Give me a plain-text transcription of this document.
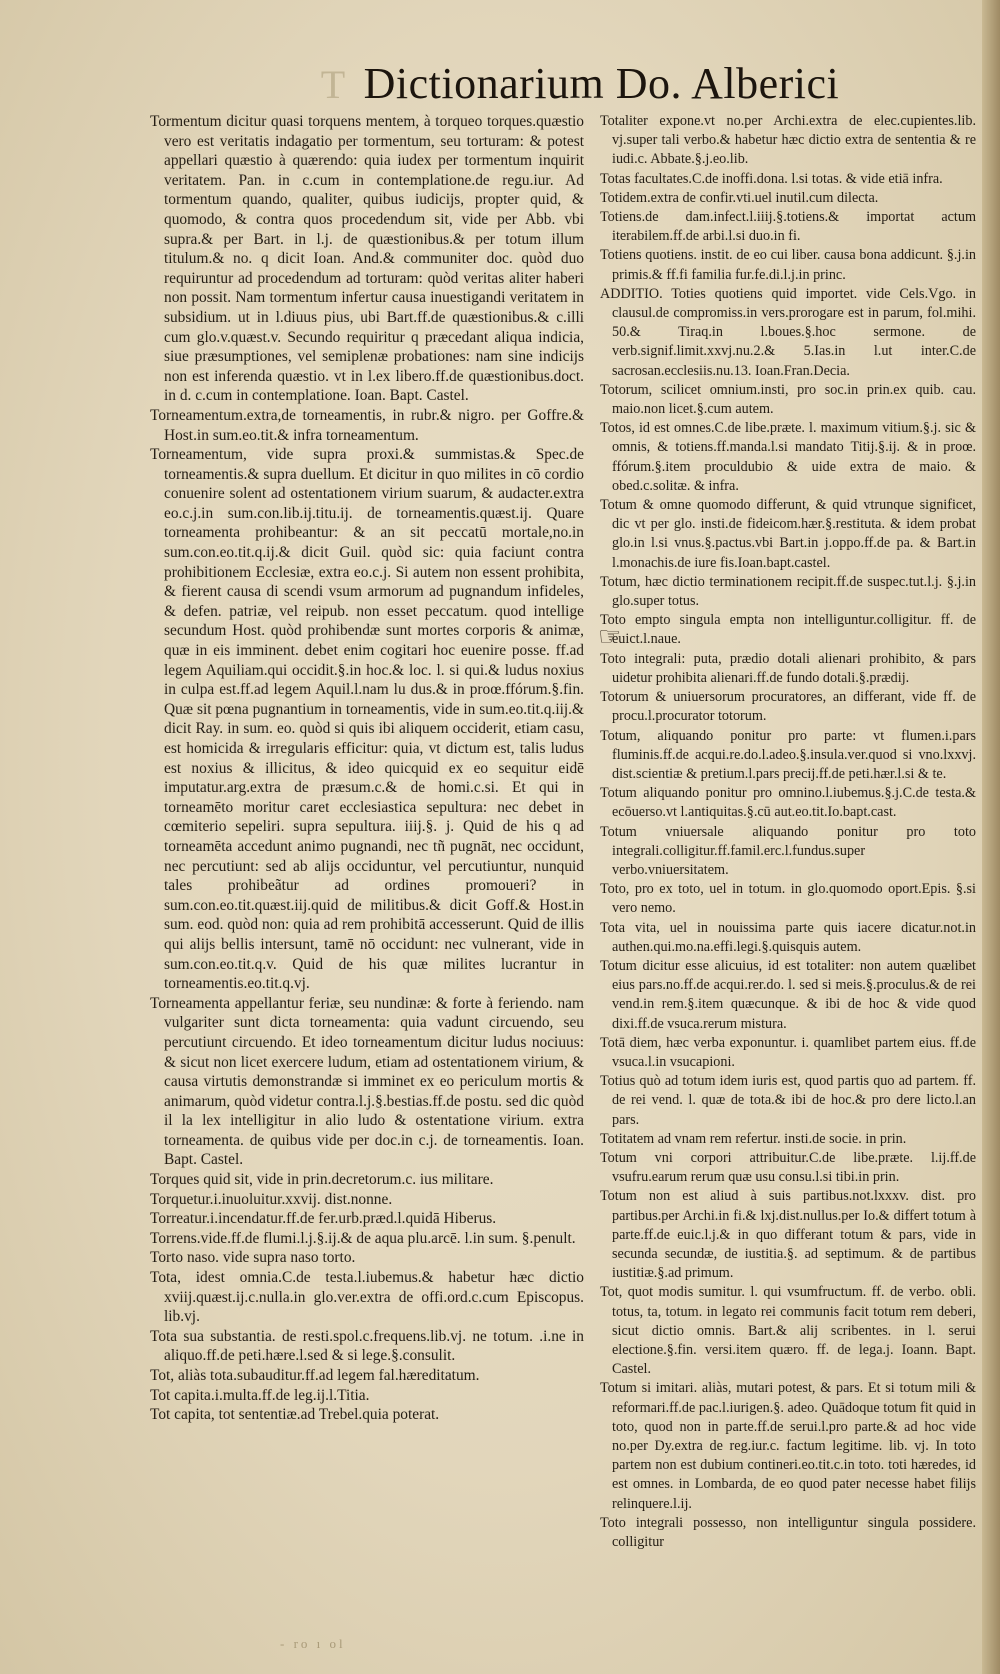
T Dictionarium Do. Alberici

Tormentum dicitur quasi torquens mentem, à torqueo torques.quæstio vero est veritatis indagatio per tormentum, seu torturam: & potest appellari quæstio à quærendo: quia iudex per tormentum inquirit veritatem. Pan. in c.cum in contemplatione.de regu.iur. Ad tormentum quando, qualiter, quibus iudicijs, propter quid, & quomodo, & contra quos procedendum sit, vide per Abb. vbi supra.& per Bart. in l.j. de quæstionibus.& per totum illum titulum.& no. q dicit Ioan. And.& communiter doc. quòd duo requiruntur ad procedendum ad torturam: quòd veritas aliter haberi non possit. Nam tormentum infertur causa inuestigandi veritatem in subsidium. ut in l.diuus pius, ubi Bart.ff.de quæstionibus.& c.illi cum glo.v.quæst.v. Secundo requiritur q præcedant aliqua indicia, siue præsumptiones, vel semiplenæ probationes: nam sine indicijs non est inferenda quæstio. vt in l.ex libero.ff.de quæstionibus.doct. in d. c.cum in contemplatione. Ioan. Bapt. Castel.

Torneamentum.extra,de torneamentis, in rubr.& nigro. per Goffre.& Host.in sum.eo.tit.& infra torneamentum.

Torneamentum, vide supra proxi.& summistas.& Spec.de torneamentis.& supra duellum. Et dicitur in quo milites in cō cordio conuenire solent ad ostentationem virium suarum, & audacter.extra eo.c.j.in sum.con.lib.ij.titu.ij. de torneamentis.quæst.ij. Quare torneamenta prohibeantur: & an sit peccatū mortale,no.in sum.con.eo.tit.q.ij.& dicit Guil. quòd sic: quia faciunt contra prohibitionem Ecclesiæ, extra eo.c.j. Si autem non essent prohibita, & fierent causa di scendi vsum armorum ad pugnandum infideles, & defen. patriæ, vel reipub. non esset peccatum. quod intellige secundum Host. quòd prohibendæ sunt mortes corporis & animæ, quæ in eis imminent. debet enim cogitari hoc euenire posse. ff.ad legem Aquiliam.qui occidit.§.in hoc.& loc. l. si qui.& ludus noxius in culpa est.ff.ad legem Aquil.l.nam lu dus.& in proœ.ffórum.§.fin. Quæ sit pœna pugnantium in torneamentis, vide in sum.eo.tit.q.iij.& dicit Ray. in sum. eo. quòd si quis ibi aliquem occiderit, etiam casu, est homicida & irregularis efficitur: quia, vt dictum est, talis ludus est noxius & illicitus, & ideo quicquid ex eo sequitur eidē imputatur.arg.extra de præsum.c.& de homi.c.si. Et qui in torneamēto moritur caret ecclesiastica sepultura: nec debet in cœmiterio sepeliri. supra sepultura. iiij.§. j. Quid de his q ad torneamēta accedunt animo pugnandi, nec tñ pugnāt, nec occidunt, nec percutiunt: sed ab alijs occiduntur, vel percutiuntur, nunquid tales prohibeãtur ad ordines promoueri? in sum.con.eo.tit.quæst.iij.quid de militibus.& dicit Goff.& Host.in sum. eod. quòd non: quia ad rem prohibitā accesserunt. Quid de illis qui alijs bellis intersunt, tamē nō occidunt: nec vulnerant, vide in sum.con.eo.tit.q.v. Quid de his quæ milites lucrantur in torneamentis.eo.tit.q.vj.

Torneamenta appellantur feriæ, seu nundinæ: & forte à feriendo. nam vulgariter sunt dicta torneamenta: quia vadunt circuendo, seu percutiunt circuendo. Et ideo torneamentum dicitur ludus nociuus: & sicut non licet exercere ludum, etiam ad ostentationem virium, & causa virtutis demonstrandæ si imminet ex eo periculum mortis & animarum, quòd videtur contra.l.j.§.bestias.ff.de postu. sed dic quòd il la lex intelligitur in alio ludo & ostentatione virium. extra torneamenta. de quibus vide per doc.in c.j. de torneamentis. Ioan. Bapt. Castel.

Torques quid sit, vide in prin.decretorum.c. ius militare.

Torquetur.i.inuoluitur.xxvij. dist.nonne.

Torreatur.i.incendatur.ff.de fer.urb.præd.l.quidā Hiberus.

Torrens.vide.ff.de flumi.l.j.§.ij.& de aqua plu.arcē. l.in sum. §.penult.

Torto naso. vide supra naso torto.

Tota, idest omnia.C.de testa.l.iubemus.& habetur hæc dictio xviij.quæst.ij.c.nulla.in glo.ver.extra de offi.ord.c.cum Episcopus. lib.vj.

Tota sua substantia. de resti.spol.c.frequens.lib.vj. ne totum. .i.ne in aliquo.ff.de peti.hære.l.sed & si lege.§.consulit.

Tot, aliàs tota.subauditur.ff.ad legem fal.hæreditatum.

Tot capita.i.multa.ff.de leg.ij.l.Titia.

Tot capita, tot sententiæ.ad Trebel.quia poterat.

☞

Totaliter expone.vt no.per Archi.extra de elec.cupientes.lib. vj.super tali verbo.& habetur hæc dictio extra de sententia & re iudi.c. Abbate.§.j.eo.lib.

Totas facultates.C.de inoffi.dona. l.si totas. & vide etiā infra.

Totidem.extra de confir.vti.uel inutil.cum dilecta.

Totiens.de dam.infect.l.iiij.§.totiens.& importat actum iterabilem.ff.de arbi.l.si duo.in fi.

Totiens quotiens. instit. de eo cui liber. causa bona addicunt. §.j.in primis.& ff.fi familia fur.fe.di.l.j.in princ.

ADDITIO. Toties quotiens quid importet. vide Cels.Vgo. in clausul.de compromiss.in vers.prorogare est in parum, fol.mihi. 50.& Tiraq.in l.boues.§.hoc sermone. de verb.signif.limit.xxvj.nu.2.& 5.Ias.in l.ut inter.C.de sacrosan.ecclesiis.nu.13. Ioan.Fran.Decia.

Totorum, scilicet omnium.insti, pro soc.in prin.ex quib. cau. maio.non licet.§.cum autem.

Totos, id est omnes.C.de libe.præte. l. maximum vitium.§.j. sic & omnis, & totiens.ff.manda.l.si mandato Titij.§.ij. & in proœ. ffórum.§.item proculdubio & uide extra de maio. & obed.c.solitæ. & infra.

Totum & omne quomodo differunt, & quid vtrunque significet, dic vt per glo. insti.de fideicom.hær.§.restituta. & idem probat glo.in l.si vnus.§.pactus.vbi Bart.in j.oppo.ff.de pa. & Bart.in l.monachis.de iure fis.Ioan.bapt.castel.

Totum, hæc dictio terminationem recipit.ff.de suspec.tut.l.j. §.j.in glo.super totus.

Toto empto singula empta non intelliguntur.colligitur. ff. de euict.l.naue.

Toto integrali: puta, prædio dotali alienari prohibito, & pars uidetur prohibita alienari.ff.de fundo dotali.§.prædij.

Totorum & uniuersorum procuratores, an differant, vide ff. de procu.l.procurator totorum.

Totum, aliquando ponitur pro parte: vt flumen.i.pars fluminis.ff.de acqui.re.do.l.adeo.§.insula.ver.quod si vno.lxxvj. dist.scientiæ & pretium.l.pars precij.ff.de peti.hær.l.si & te.

Totum aliquando ponitur pro omnino.l.iubemus.§.j.C.de testa.& ecōuerso.vt l.antiquitas.§.cū aut.eo.tit.Io.bapt.cast.

Totum vniuersale aliquando ponitur pro toto integrali.colligitur.ff.famil.erc.l.fundus.super verbo.vniuersitatem.

Toto, pro ex toto, uel in totum. in glo.quomodo oport.Epis. §.si vero nemo.

Tota vita, uel in nouissima parte quis iacere dicatur.not.in authen.qui.mo.na.effi.legi.§.quisquis autem.

Totum dicitur esse alicuius, id est totaliter: non autem quælibet eius pars.no.ff.de acqui.rer.do. l. sed si meis.§.proculus.& de rei vend.in rem.§.item quæcunque. & ibi de hoc & vide quod dixi.ff.de vsuca.rerum mistura.

Totā diem, hæc verba exponuntur. i. quamlibet partem eius. ff.de vsuca.l.in vsucapioni.

Totius quò ad totum idem iuris est, quod partis quo ad partem. ff. de rei vend. l. quæ de tota.& ibi de hoc.& pro dere licto.l.an pars.

Totitatem ad vnam rem refertur. insti.de socie. in prin.

Totum vni corpori attribuitur.C.de libe.præte. l.ij.ff.de vsufru.earum rerum quæ usu consu.l.si tibi.in prin.

Totum non est aliud à suis partibus.not.lxxxv. dist. pro partibus.per Archi.in fi.& lxj.dist.nullus.per Io.& differt totum à parte.ff.de euic.l.j.& in quo differant totum & pars, vide in secunda secundæ, de iustitia.§. ad septimum. & de partibus iustitiæ.§.ad primum.

Tot, quot modis sumitur. l. qui vsumfructum. ff. de verbo. obli. totus, ta, totum. in legato rei communis facit totum rem deberi, sicut dictio omnis. Bart.& alij scribentes. in l. serui electione.§.fin. versi.item quæro. ff. de lega.j. Ioann. Bapt. Castel.

Totum si imitari. aliàs, mutari potest, & pars. Et si totum mili & reformari.ff.de pac.l.iurigen.§. adeo. Quādoque totum fit quid in toto, quod non in parte.ff.de serui.l.pro parte.& ad hoc vide no.per Dy.extra de reg.iur.c. factum legitime. lib. vj. In toto partem non est dubium contineri.eo.tit.c.in toto. toti hæredes, id est omnes. in Lombarda, de eo quod pater necesse habet filijs relinquere.l.ij.

Toto integrali possesso, non intelliguntur singula possidere. colligitur

- ro ı ol
